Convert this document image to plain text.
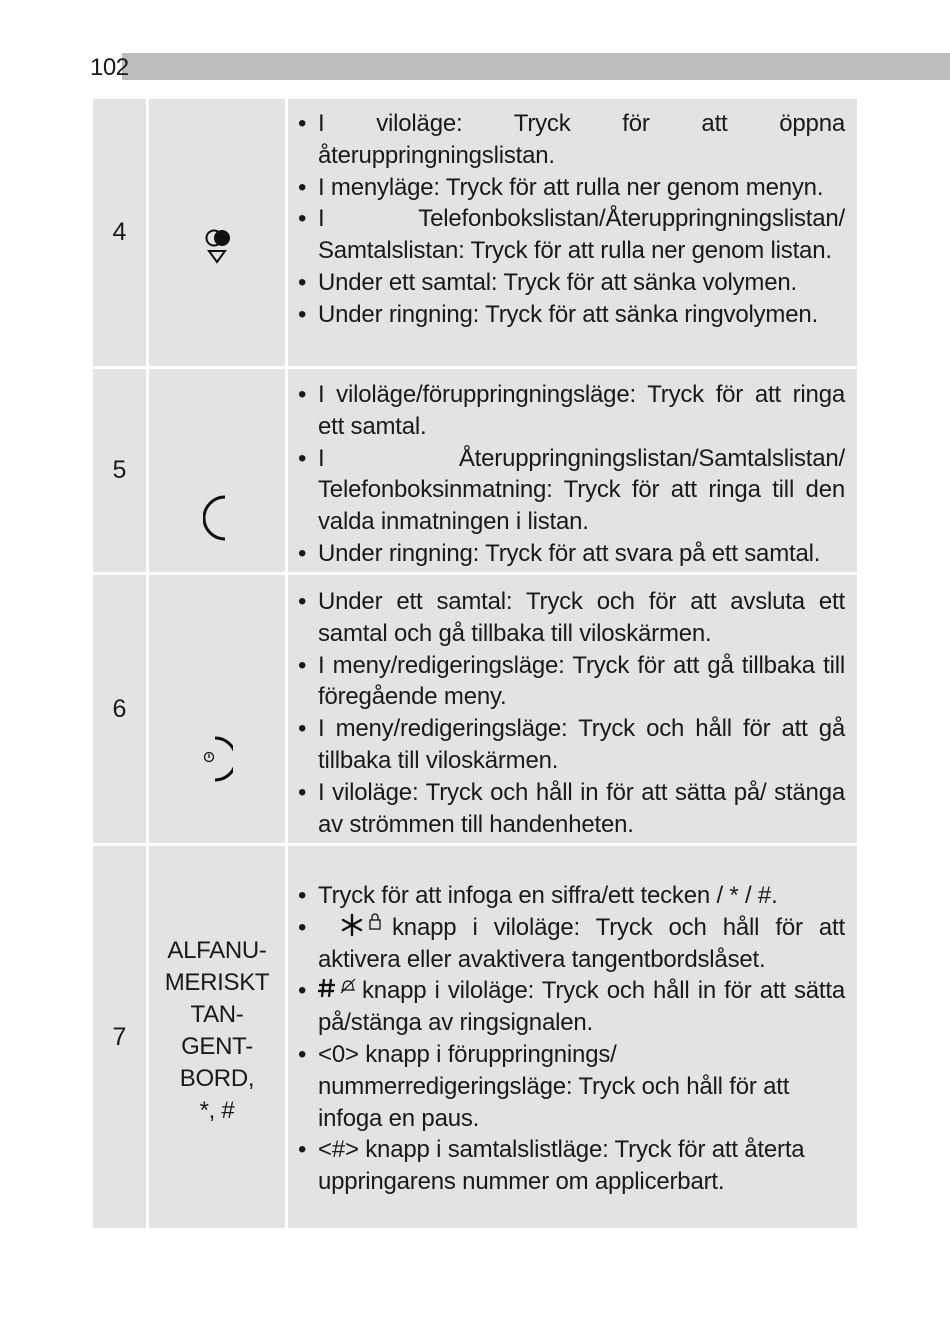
102
4
• I viloläge: Tryck för att öppna återuppringningslistan.
• I menyläge: Tryck för att rulla ner genom menyn.
• I Telefonbokslistan/Återuppringningslistan/ Samtalslistan: Tryck för att rulla ner genom listan.
• Under ett samtal: Tryck för att sänka volymen.
• Under ringning: Tryck för att sänka ringvolymen.
5
• I viloläge/föruppringningsläge: Tryck för att ringa ett samtal.
• I Återuppringningslistan/Samtalslistan/ Telefonboksinmatning: Tryck för att ringa till den valda inmatningen i listan.
• Under ringning: Tryck för att svara på ett samtal.
6
• Under ett samtal: Tryck och för att avsluta ett samtal och gå tillbaka till viloskärmen.
• I meny/redigeringsläge: Tryck för att gå tillbaka till föregående meny.
• I meny/redigeringsläge: Tryck och håll för att gå tillbaka till viloskärmen.
• I viloläge: Tryck och håll in för att sätta på/ stänga av strömmen till handenheten.
7
ALFANU-
MERISKT
TAN-
GENT-
BORD,
*, #
• Tryck för att infoga en siffra/ett tecken / * / #.
• knapp i viloläge: Tryck och håll för att aktivera eller avaktivera tangentbordslåset.
• knapp i viloläge: Tryck och håll in för att sätta på/stänga av ringsignalen.
• <0> knapp i föruppringnings/ nummerredigeringsläge: Tryck och håll för att infoga en paus.
• <#> knapp i samtalslistläge: Tryck för att återta uppringarens nummer om applicerbart.
